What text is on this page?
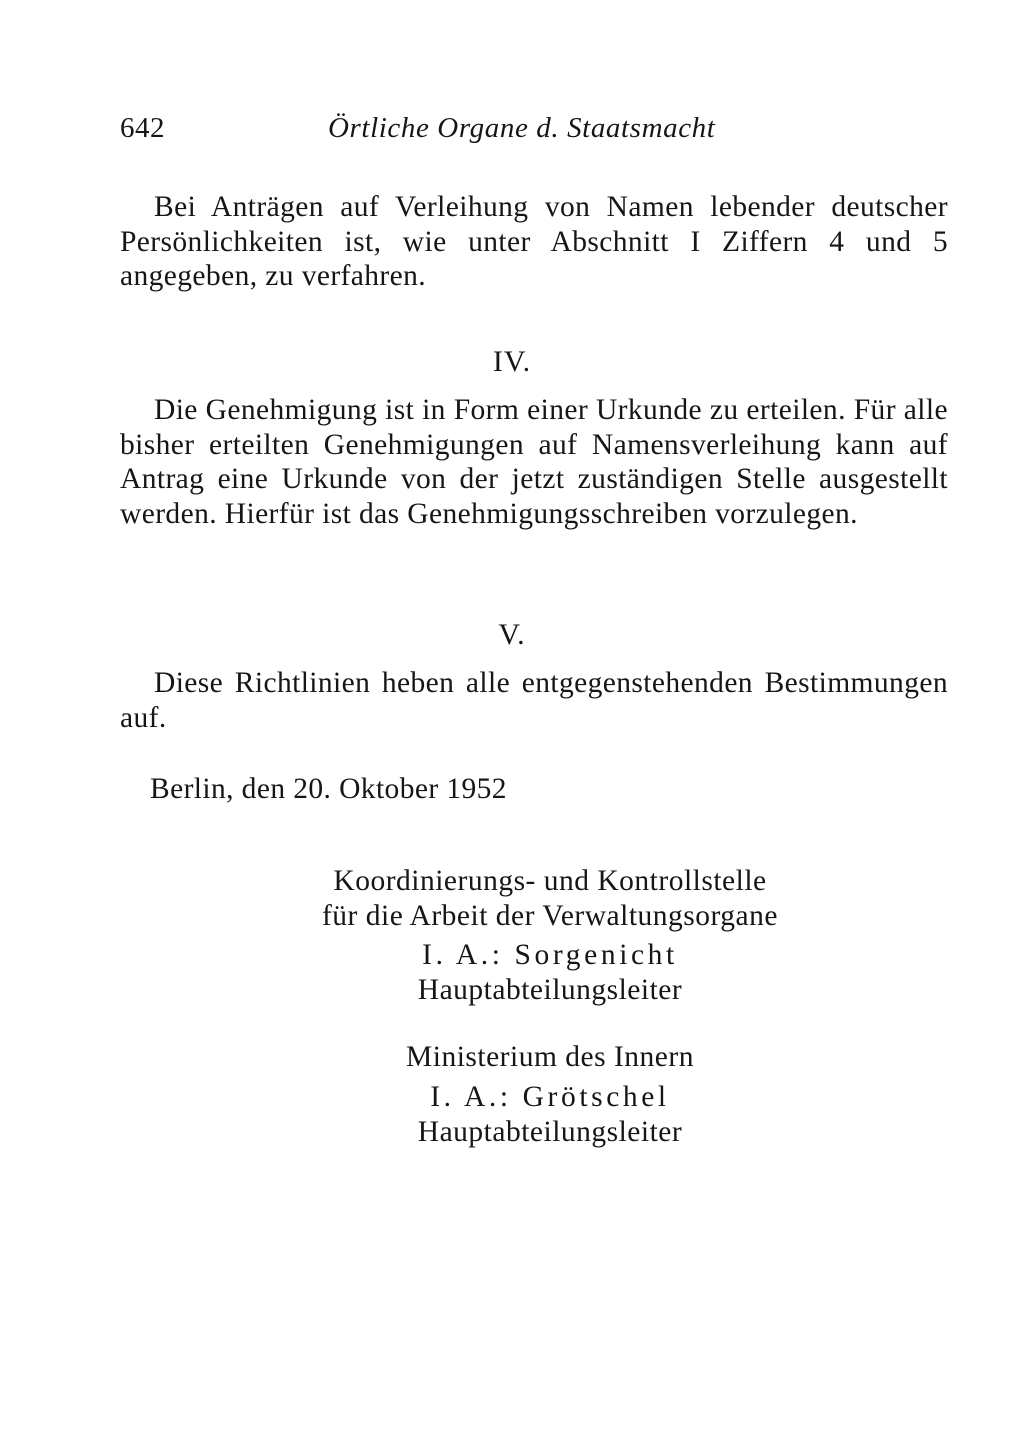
642	Örtliche Organe d. Staatsmacht

Bei Anträgen auf Verleihung von Namen lebender deutscher Persönlichkeiten ist, wie unter Abschnitt I Ziffern 4 und 5 angegeben, zu verfahren.

IV.

Die Genehmigung ist in Form einer Urkunde zu erteilen. Für alle bisher erteilten Genehmigungen auf Namensverleihung kann auf Antrag eine Urkunde von der jetzt zuständigen Stelle ausgestellt werden. Hierfür ist das Genehmigungsschreiben vorzulegen.

V.

Diese Richtlinien heben alle entgegenstehenden Bestimmungen auf.

Berlin, den 20. Oktober 1952
Koordinierungs- und Kontrollstelle
für die Arbeit der Verwaltungsorgane
I. A.: Sorgenicht
Hauptabteilungsleiter
Ministerium des Innern
I. A.: Grötschel
Hauptabteilungsleiter
